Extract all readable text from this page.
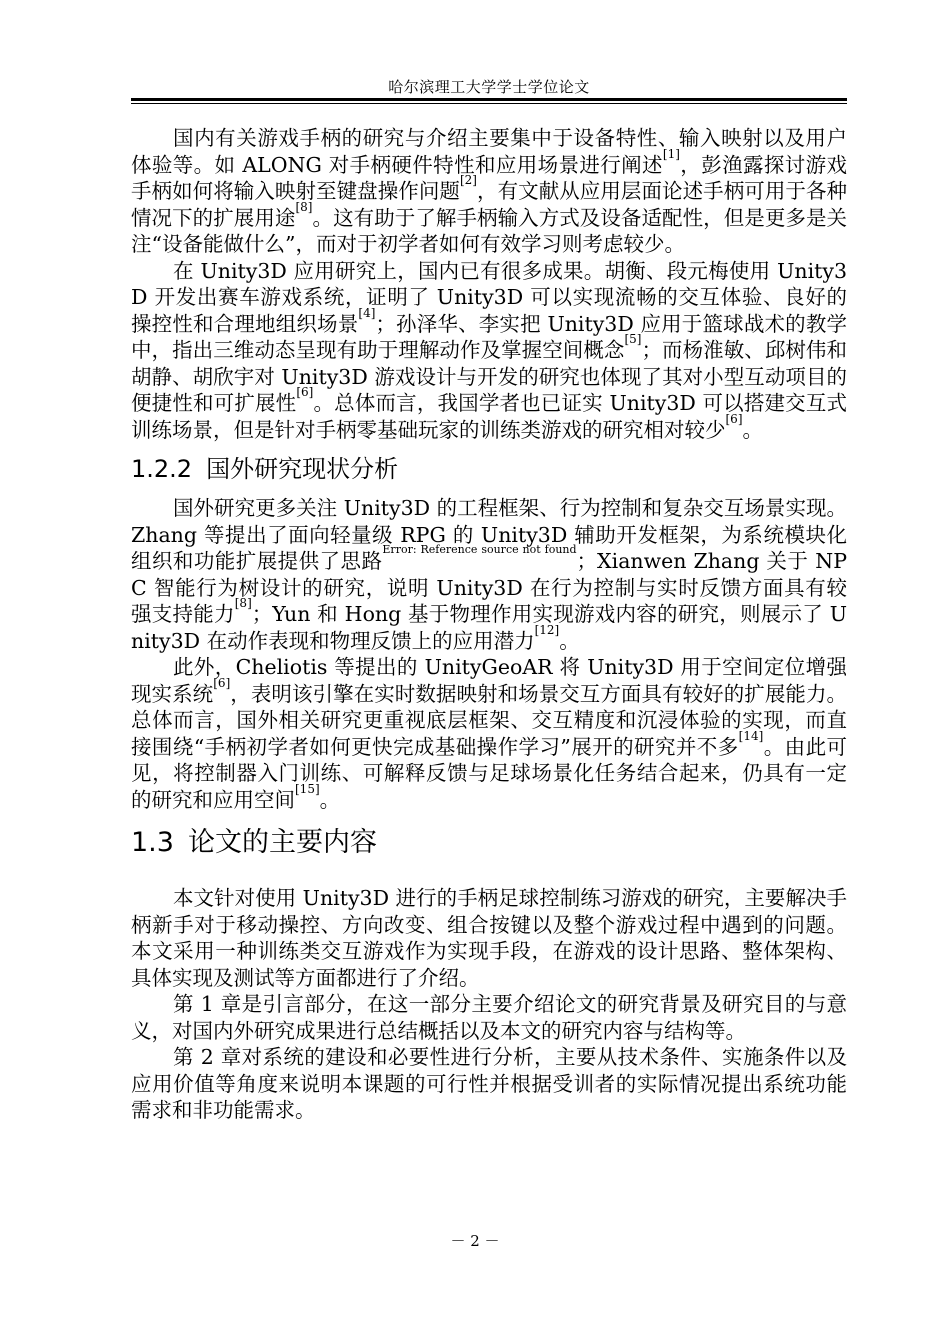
哈尔滨理工大学学士学位论文

国内有关游戏手柄的研究与介绍主要集中于设备特性、输入映射以及用户体验等。如 ALONG 对手柄硬件特性和应用场景进行阐述[1]，彭渔露探讨游戏手柄如何将输入映射至键盘操作问题[2]，有文献从应用层面论述手柄可用于各种情况下的扩展用途[8]。这有助于了解手柄输入方式及设备适配性，但是更多是关注“设备能做什么”，而对于初学者如何有效学习则考虑较少。

在 Unity3D 应用研究上，国内已有很多成果。胡衡、段元梅使用 Unity3D 开发出赛车游戏系统，证明了 Unity3D 可以实现流畅的交互体验、良好的操控性和合理地组织场景[4]；孙泽华、李实把 Unity3D 应用于篮球战术的教学中，指出三维动态呈现有助于理解动作及掌握空间概念[5]；而杨淮敏、邱树伟和胡静、胡欣宇对 Unity3D 游戏设计与开发的研究也体现了其对小型互动项目的便捷性和可扩展性[6]。总体而言，我国学者也已证实 Unity3D 可以搭建交互式训练场景，但是针对手柄零基础玩家的训练类游戏的研究相对较少[6]。

1.2.2 国外研究现状分析

国外研究更多关注 Unity3D 的工程框架、行为控制和复杂交互场景实现。Zhang 等提出了面向轻量级 RPG 的 Unity3D 辅助开发框架，为系统模块化组织和功能扩展提供了思路$^{Error: Reference source not found}$；Xianwen Zhang 关于 NPC 智能行为树设计的研究，说明 Unity3D 在行为控制与实时反馈方面具有较强支持能力[8]；Yun 和 Hong 基于物理作用实现游戏内容的研究，则展示了 Unity3D 在动作表现和物理反馈上的应用潜力[12]。

此外，Cheliotis 等提出的 UnityGeoAR 将 Unity3D 用于空间定位增强现实系统[6]，表明该引擎在实时数据映射和场景交互方面具有较好的扩展能力。总体而言，国外相关研究更重视底层框架、交互精度和沉浸体验的实现，而直接围绕“手柄初学者如何更快完成基础操作学习”展开的研究并不多[14]。由此可见，将控制器入门训练、可解释反馈与足球场景化任务结合起来，仍具有一定的研究和应用空间[15]。

1.3 论文的主要内容

本文针对使用 Unity3D 进行的手柄足球控制练习游戏的研究，主要解决手柄新手对于移动操控、方向改变、组合按键以及整个游戏过程中遇到的问题。本文采用一种训练类交互游戏作为实现手段，在游戏的设计思路、整体架构、具体实现及测试等方面都进行了介绍。

第 1 章是引言部分，在这一部分主要介绍论文的研究背景及研究目的与意义，对国内外研究成果进行总结概括以及本文的研究内容与结构等。

第 2 章对系统的建设和必要性进行分析，主要从技术条件、实施条件以及应用价值等角度来说明本课题的可行性并根据受训者的实际情况提出系统功能需求和非功能需求。

－ 2 －
